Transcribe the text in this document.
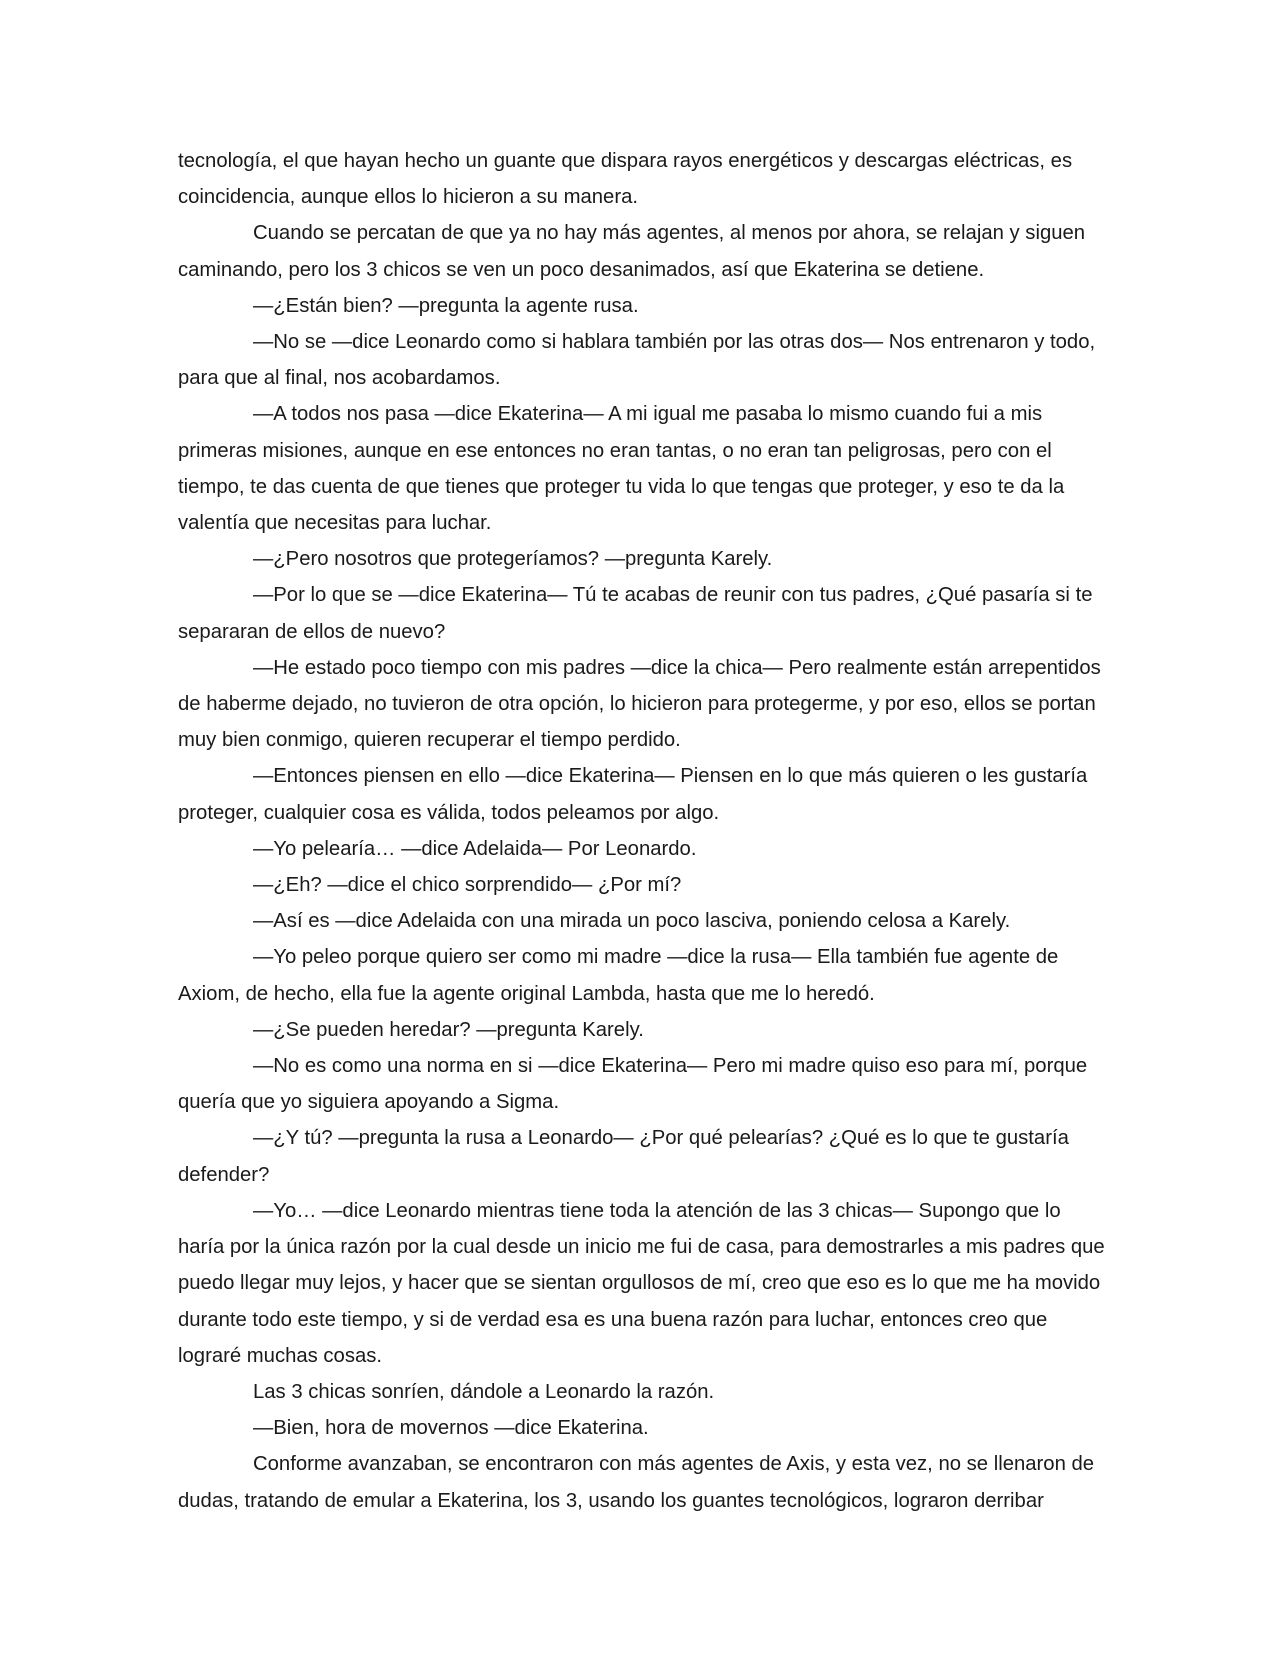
tecnología, el que hayan hecho un guante que dispara rayos energéticos y descargas eléctricas, es coincidencia, aunque ellos lo hicieron a su manera.

Cuando se percatan de que ya no hay más agentes, al menos por ahora, se relajan y siguen caminando, pero los 3 chicos se ven un poco desanimados, así que Ekaterina se detiene.

—¿Están bien? —pregunta la agente rusa.

—No se —dice Leonardo como si hablara también por las otras dos— Nos entrenaron y todo, para que al final, nos acobardamos.

—A todos nos pasa —dice Ekaterina— A mi igual me pasaba lo mismo cuando fui a mis primeras misiones, aunque en ese entonces no eran tantas, o no eran tan peligrosas, pero con el tiempo, te das cuenta de que tienes que proteger tu vida lo que tengas que proteger, y eso te da la valentía que necesitas para luchar.

—¿Pero nosotros que protegeríamos? —pregunta Karely.

—Por lo que se —dice Ekaterina— Tú te acabas de reunir con tus padres, ¿Qué pasaría si te separaran de ellos de nuevo?

—He estado poco tiempo con mis padres —dice la chica— Pero realmente están arrepentidos de haberme dejado, no tuvieron de otra opción, lo hicieron para protegerme, y por eso, ellos se portan muy bien conmigo, quieren recuperar el tiempo perdido.

—Entonces piensen en ello —dice Ekaterina— Piensen en lo que más quieren o les gustaría proteger, cualquier cosa es válida, todos peleamos por algo.

—Yo pelearía… —dice Adelaida— Por Leonardo.

—¿Eh? —dice el chico sorprendido— ¿Por mí?

—Así es —dice Adelaida con una mirada un poco lasciva, poniendo celosa a Karely.

—Yo peleo porque quiero ser como mi madre —dice la rusa— Ella también fue agente de Axiom, de hecho, ella fue la agente original Lambda, hasta que me lo heredó.

—¿Se pueden heredar? —pregunta Karely.

—No es como una norma en si —dice Ekaterina— Pero mi madre quiso eso para mí, porque quería que yo siguiera apoyando a Sigma.

—¿Y tú? —pregunta la rusa a Leonardo— ¿Por qué pelearías? ¿Qué es lo que te gustaría defender?

—Yo… —dice Leonardo mientras tiene toda la atención de las 3 chicas— Supongo que lo haría por la única razón por la cual desde un inicio me fui de casa, para demostrarles a mis padres que puedo llegar muy lejos, y hacer que se sientan orgullosos de mí, creo que eso es lo que me ha movido durante todo este tiempo, y si de verdad esa es una buena razón para luchar, entonces creo que lograré muchas cosas.

Las 3 chicas sonríen, dándole a Leonardo la razón.

—Bien, hora de movernos —dice Ekaterina.

Conforme avanzaban, se encontraron con más agentes de Axis, y esta vez, no se llenaron de dudas, tratando de emular a Ekaterina, los 3, usando los guantes tecnológicos, lograron derribar
